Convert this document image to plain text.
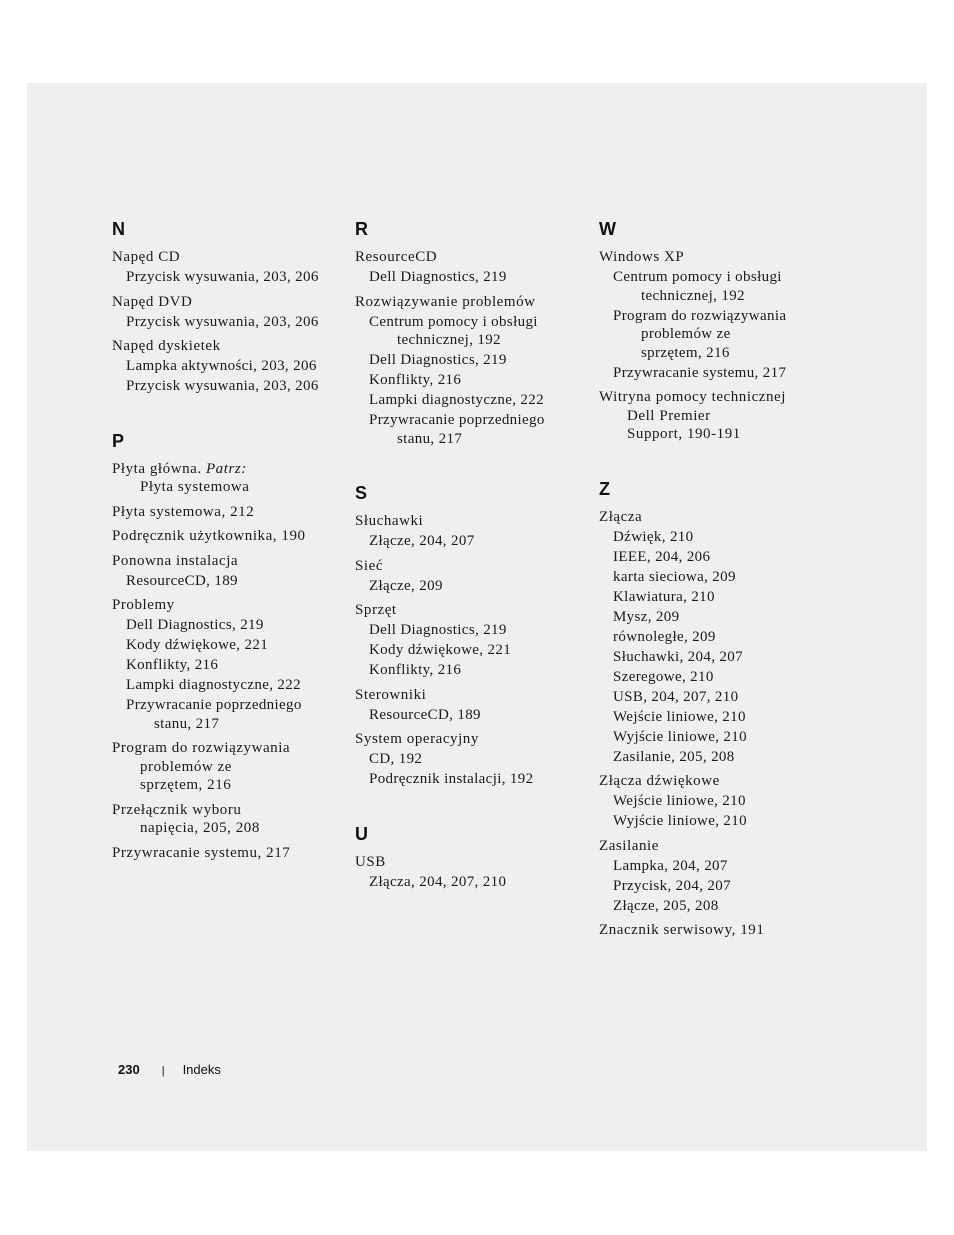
N
Napęd CD
Przycisk wysuwania, 203, 206
Napęd DVD
Przycisk wysuwania, 203, 206
Napęd dyskietek
Lampka aktywności, 203, 206
Przycisk wysuwania, 203, 206
P
Płyta główna. Patrz:
Płyta systemowa
Płyta systemowa, 212
Podręcznik użytkownika, 190
Ponowna instalacja
ResourceCD, 189
Problemy
Dell Diagnostics, 219
Kody dźwiękowe, 221
Konflikty, 216
Lampki diagnostyczne, 222
Przywracanie poprzedniego
stanu, 217
Program do rozwiązywania
problemów ze
sprzętem, 216
Przełącznik wyboru
napięcia, 205, 208
Przywracanie systemu, 217
R
ResourceCD
Dell Diagnostics, 219
Rozwiązywanie problemów
Centrum pomocy i obsługi
technicznej, 192
Dell Diagnostics, 219
Konflikty, 216
Lampki diagnostyczne, 222
Przywracanie poprzedniego
stanu, 217
S
Słuchawki
Złącze, 204, 207
Sieć
Złącze, 209
Sprzęt
Dell Diagnostics, 219
Kody dźwiękowe, 221
Konflikty, 216
Sterowniki
ResourceCD, 189
System operacyjny
CD, 192
Podręcznik instalacji, 192
U
USB
Złącza, 204, 207, 210
W
Windows XP
Centrum pomocy i obsługi
technicznej, 192
Program do rozwiązywania
problemów ze
sprzętem, 216
Przywracanie systemu, 217
Witryna pomocy technicznej
Dell Premier
Support, 190-191
Z
Złącza
Dźwięk, 210
IEEE, 204, 206
karta sieciowa, 209
Klawiatura, 210
Mysz, 209
równoległe, 209
Słuchawki, 204, 207
Szeregowe, 210
USB, 204, 207, 210
Wejście liniowe, 210
Wyjście liniowe, 210
Zasilanie, 205, 208
Złącza dźwiękowe
Wejście liniowe, 210
Wyjście liniowe, 210
Zasilanie
Lampka, 204, 207
Przycisk, 204, 207
Złącze, 205, 208
Znacznik serwisowy, 191
230 | Indeks
